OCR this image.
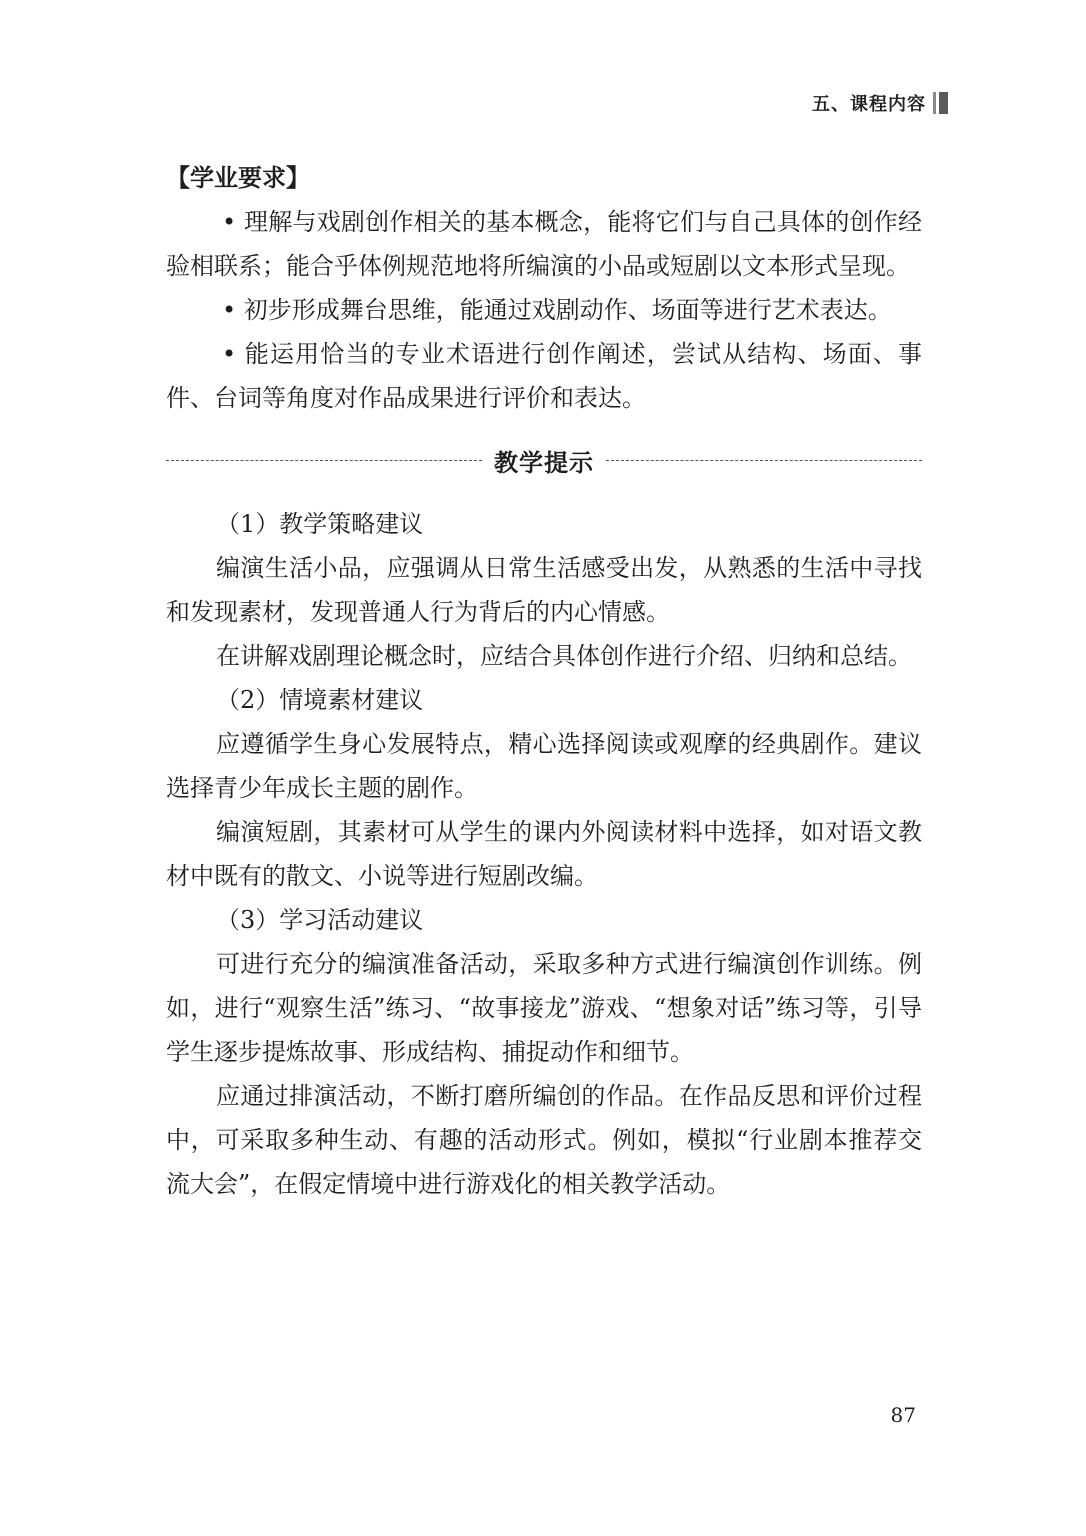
五、课程内容

【学业要求】

• 理解与戏剧创作相关的基本概念，能将它们与自己具体的创作经验相联系；能合乎体例规范地将所编演的小品或短剧以文本形式呈现。

• 初步形成舞台思维，能通过戏剧动作、场面等进行艺术表达。

• 能运用恰当的专业术语进行创作阐述，尝试从结构、场面、事件、台词等角度对作品成果进行评价和表达。

教学提示

（1）教学策略建议

编演生活小品，应强调从日常生活感受出发，从熟悉的生活中寻找和发现素材，发现普通人行为背后的内心情感。

在讲解戏剧理论概念时，应结合具体创作进行介绍、归纳和总结。

（2）情境素材建议

应遵循学生身心发展特点，精心选择阅读或观摩的经典剧作。建议选择青少年成长主题的剧作。

编演短剧，其素材可从学生的课内外阅读材料中选择，如对语文教材中既有的散文、小说等进行短剧改编。

（3）学习活动建议

可进行充分的编演准备活动，采取多种方式进行编演创作训练。例如，进行“观察生活”练习、“故事接龙”游戏、“想象对话”练习等，引导学生逐步提炼故事、形成结构、捕捉动作和细节。

应通过排演活动，不断打磨所编创的作品。在作品反思和评价过程中，可采取多种生动、有趣的活动形式。例如，模拟“行业剧本推荐交流大会”，在假定情境中进行游戏化的相关教学活动。

87
